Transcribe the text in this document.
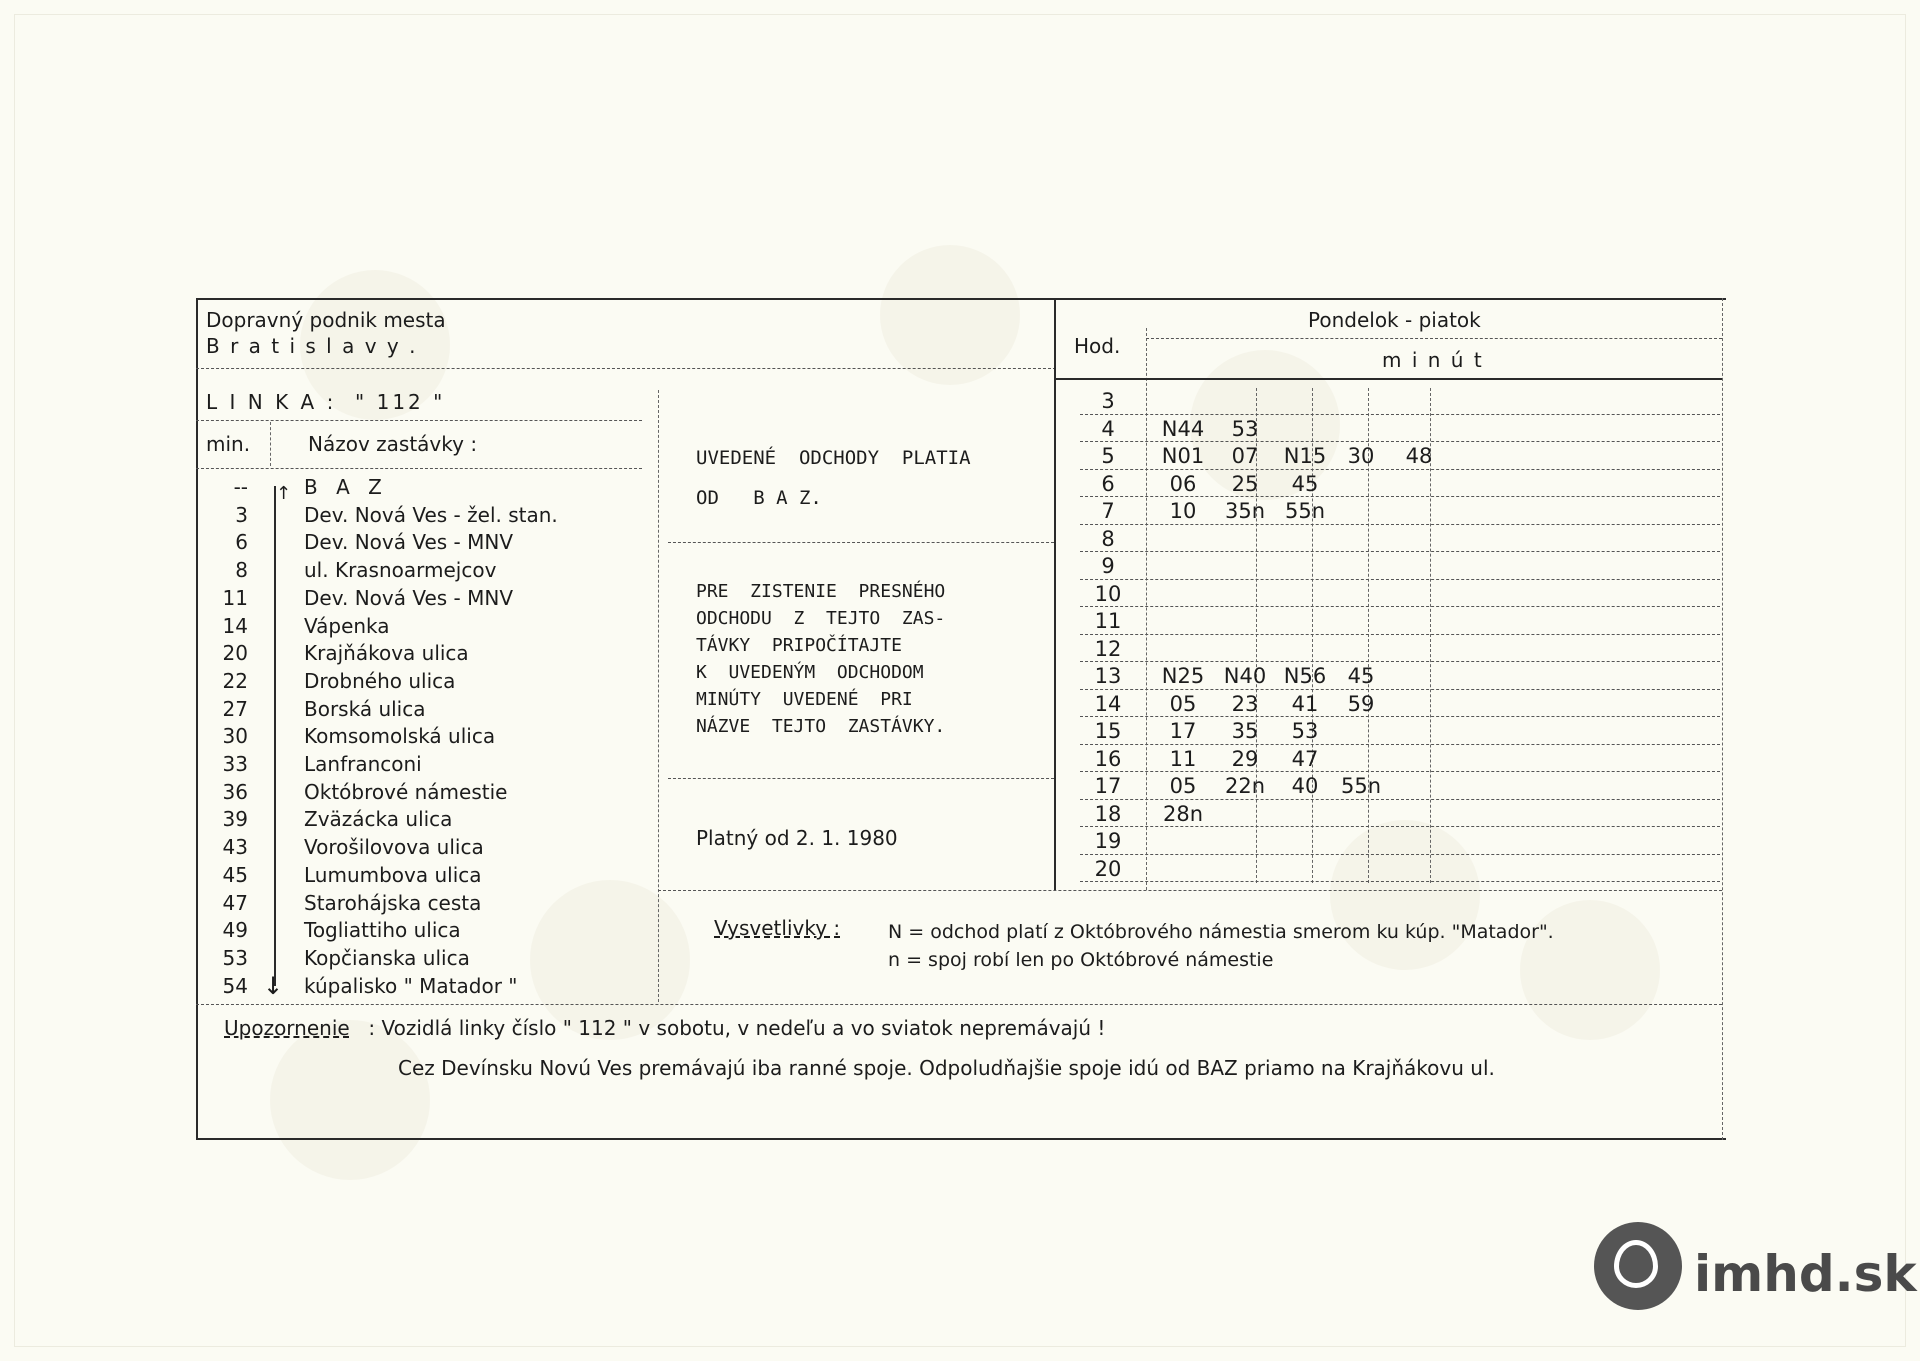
Dopravný podnik mesta
B r a t i s l a v y .
L I N K A :  " 112 "
min.	Názov zastávky :
--	B A Z
3	Dev. Nová Ves - žel. stan.
6	Dev. Nová Ves - MNV
8	ul. Krasnoarmejcov
11	Dev. Nová Ves - MNV
14	Vápenka
20	Krajňákova ulica
22	Drobného ulica
27	Borská ulica
30	Komsomolská ulica
33	Lanfranconi
36	Októbrové námestie
39	Zväzácka ulica
43	Vorošilovova ulica
45	Lumumbova ulica
47	Starohájska cesta
49	Togliattiho ulica
53	Kopčianska ulica
54	kúpalisko " Matador "
↓
↑
UVEDENÉ  ODCHODY  PLATIA
OD   B A Z.
PRE  ZISTENIE  PRESNÉHO
ODCHODU  Z  TEJTO  ZAS-
TÁVKY  PRIPOČÍTAJTE
K  UVEDENÝM  ODCHODOM
MINÚTY  UVEDENÉ  PRI
NÁZVE  TEJTO  ZASTÁVKY.
Platný od 2. 1. 1980
Hod.
Pondelok - piatok
m i n ú t
3
4	N44	53
5	N01	07	N15	30	48
6	06	25	45
7	10	35n 55n
8
9
10
11
12
13	N25 N40 N56	45
14	05	23	41	59
15	17	35	53
16	11	29	47
17	05	22n	40	55n
18	28n
19
20
Vysvetlivky :	N = odchod platí z Októbrového námestia smerom ku kúp. "Matador".
n = spoj robí len po Októbrové námestie
Upozornenie : Vozidlá linky číslo " 112 " v sobotu, v nedeľu a vo sviatok nepremávajú !
Cez Devínsku Novú Ves premávajú iba ranné spoje. Odpoludňajšie spoje idú od BAZ priamo na Krajňákovu ul.
imhd.sk
